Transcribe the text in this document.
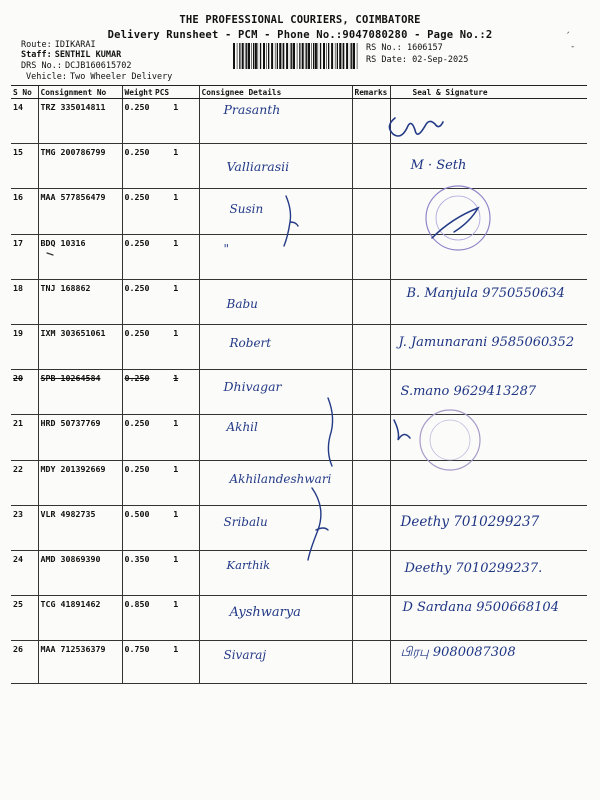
THE PROFESSIONAL COURIERS, COIMBATORE
Delivery Runsheet - PCM - Phone No.:9047080280 - Page No.:2
Route: IDIKARAI
Staff: SENTHIL KUMAR
DRS No.: DCJB160615702
Vehicle: Two Wheeler Delivery
RS No.: 1606157
RS Date: 02-Sep-2025
´
-
S No	Consignment No	Weight	PCS	Consignee Details	Remarks	Seal & Signature
14	TRZ 335014811	0.250	1	Prasanth		
15	TMG 200786799	0.250	1	Valliarasii		M · Seth

16	MAA 577856479	0.250	1	Susin		
17	BDQ 10316	0.250	1	"		
18	TNJ 168862	0.250	1	Babu		B. Manjula 9750550634

19	IXM 303651061	0.250	1	Robert		J. Jamunarani 9585060352

20	SPB 10264584	0.250	1	Dhivagar		S.mano 9629413287

21	HRD 50737769	0.250	1	Akhil		
22	MDY 201392669	0.250	1	Akhilandeshwari		
23	VLR 4982735	0.500	1	Sribalu		Deethy 7010299237

24	AMD 30869390	0.350	1	Karthik		Deethy 7010299237.

25	TCG 41891462	0.850	1	Ayshwarya		D Sardana 9500668104

26	MAA 712536379	0.750	1	Sivaraj		பிரபு 9080087308
